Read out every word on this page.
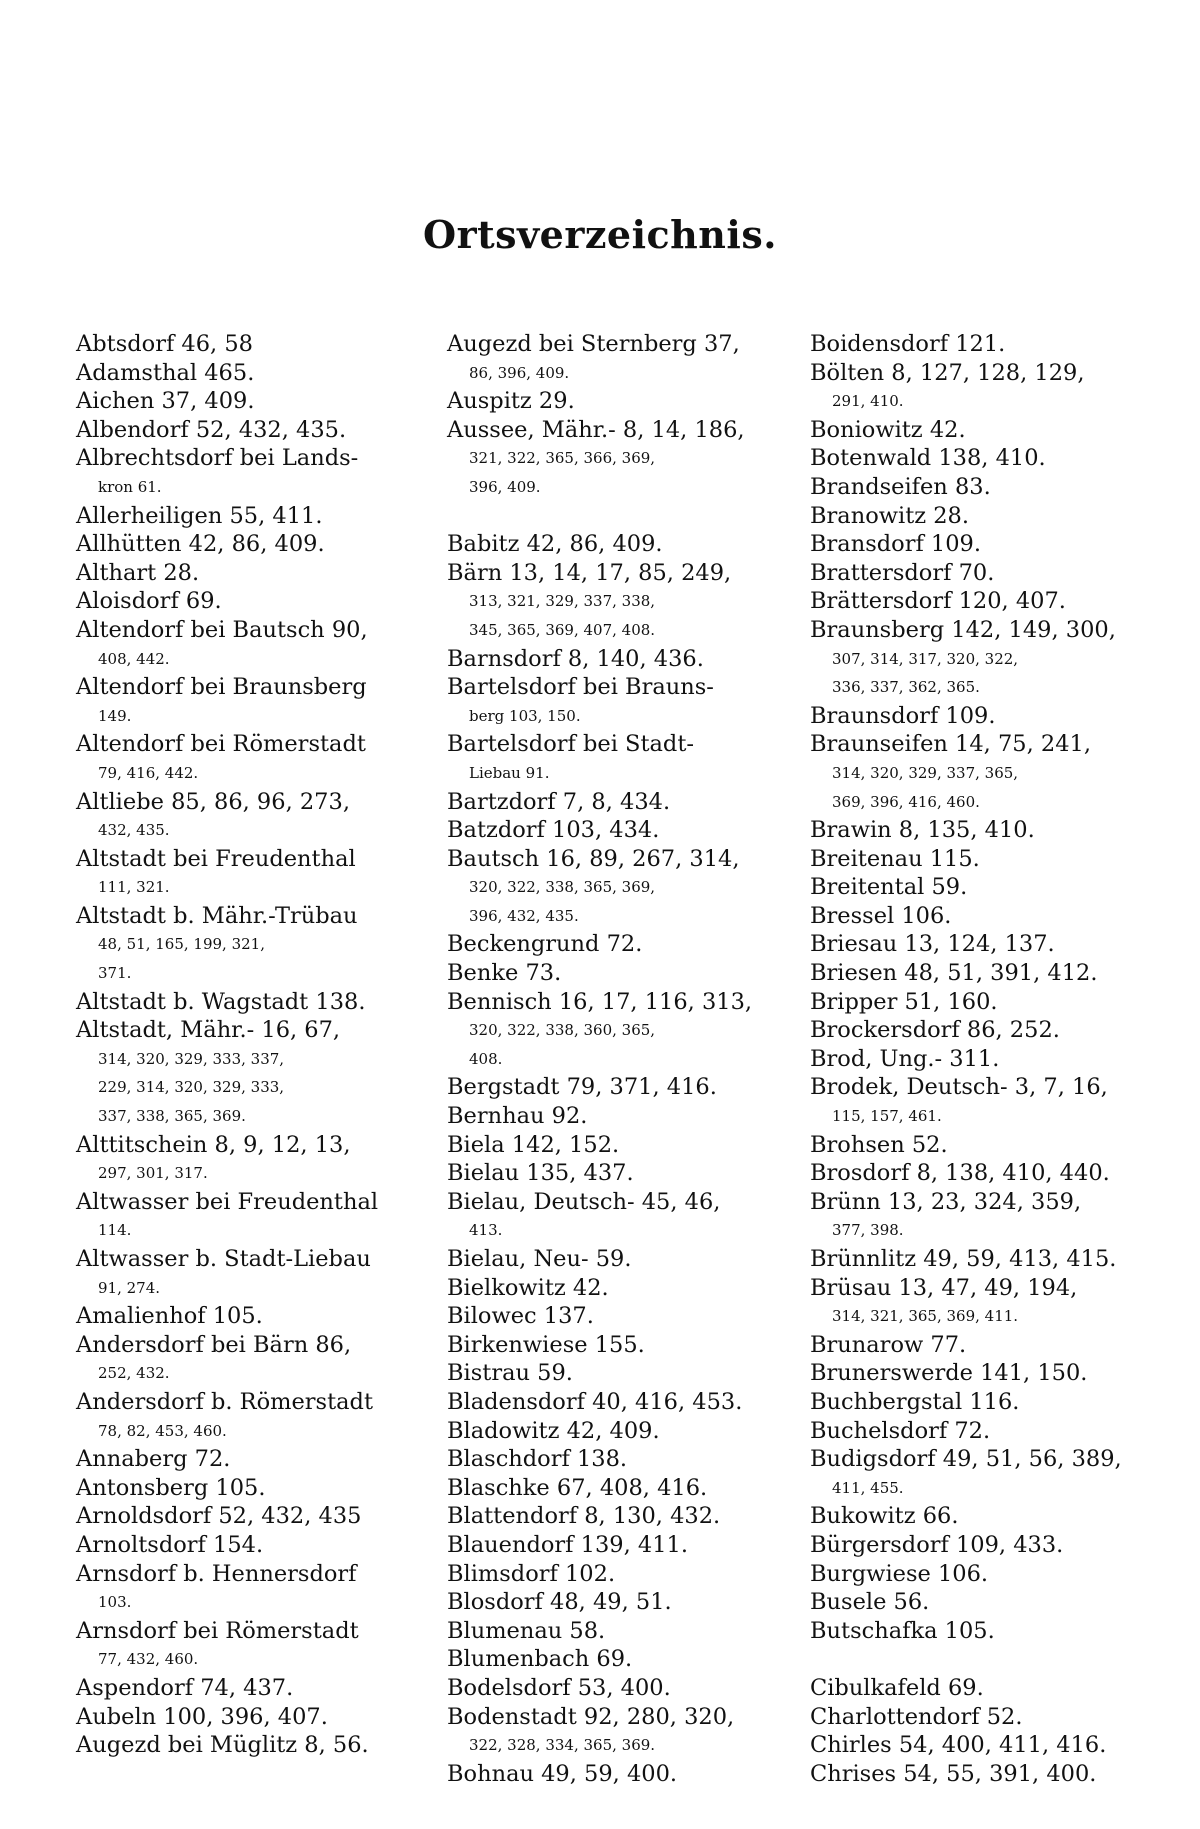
Ortsverzeichnis.
Abtsdorf 46, 58
Adamsthal 465.
Aichen 37, 409.
Albendorf 52, 432, 435.
Albrechtsdorf bei Lands-
kron 61.
Allerheiligen 55, 411.
Allhütten 42, 86, 409.
Althart 28.
Aloisdorf 69.
Altendorf bei Bautsch 90,
408, 442.
Altendorf bei Braunsberg
149.
Altendorf bei Römerstadt
79, 416, 442.
Altliebe 85, 86, 96, 273,
432, 435.
Altstadt bei Freudenthal
111, 321.
Altstadt b. Mähr.-Trübau
48, 51, 165, 199, 321,
371.
Altstadt b. Wagstadt 138.
Altstadt, Mähr.- 16, 67,
314, 320, 329, 333, 337,
229, 314, 320, 329, 333,
337, 338, 365, 369.
Alttitschein 8, 9, 12, 13,
297, 301, 317.
Altwasser bei Freudenthal
114.
Altwasser b. Stadt-Liebau
91, 274.
Amalienhof 105.
Andersdorf bei Bärn 86,
252, 432.
Andersdorf b. Römerstadt
78, 82, 453, 460.
Annaberg 72.
Antonsberg 105.
Arnoldsdorf 52, 432, 435
Arnoltsdorf 154.
Arnsdorf b. Hennersdorf
103.
Arnsdorf bei Römerstadt
77, 432, 460.
Aspendorf 74, 437.
Aubeln 100, 396, 407.
Augezd bei Müglitz 8, 56.
Augezd bei Sternberg 37,
86, 396, 409.
Auspitz 29.
Aussee, Mähr.- 8, 14, 186,
321, 322, 365, 366, 369,
396, 409.
Babitz 42, 86, 409.
Bärn 13, 14, 17, 85, 249,
313, 321, 329, 337, 338,
345, 365, 369, 407, 408.
Barnsdorf 8, 140, 436.
Bartelsdorf bei Brauns-
berg 103, 150.
Bartelsdorf bei Stadt-
Liebau 91.
Bartzdorf 7, 8, 434.
Batzdorf 103, 434.
Bautsch 16, 89, 267, 314,
320, 322, 338, 365, 369,
396, 432, 435.
Beckengrund 72.
Benke 73.
Bennisch 16, 17, 116, 313,
320, 322, 338, 360, 365,
408.
Bergstadt 79, 371, 416.
Bernhau 92.
Biela 142, 152.
Bielau 135, 437.
Bielau, Deutsch- 45, 46,
413.
Bielau, Neu- 59.
Bielkowitz 42.
Bilowec 137.
Birkenwiese 155.
Bistrau 59.
Bladensdorf 40, 416, 453.
Bladowitz 42, 409.
Blaschdorf 138.
Blaschke 67, 408, 416.
Blattendorf 8, 130, 432.
Blauendorf 139, 411.
Blimsdorf 102.
Blosdorf 48, 49, 51.
Blumenau 58.
Blumenbach 69.
Bodelsdorf 53, 400.
Bodenstadt 92, 280, 320,
322, 328, 334, 365, 369.
Bohnau 49, 59, 400.
Boidensdorf 121.
Bölten 8, 127, 128, 129,
291, 410.
Boniowitz 42.
Botenwald 138, 410.
Brandseifen 83.
Branowitz 28.
Bransdorf 109.
Brattersdorf 70.
Brättersdorf 120, 407.
Braunsberg 142, 149, 300,
307, 314, 317, 320, 322,
336, 337, 362, 365.
Braunsdorf 109.
Braunseifen 14, 75, 241,
314, 320, 329, 337, 365,
369, 396, 416, 460.
Brawin 8, 135, 410.
Breitenau 115.
Breitental 59.
Bressel 106.
Briesau 13, 124, 137.
Briesen 48, 51, 391, 412.
Bripper 51, 160.
Brockersdorf 86, 252.
Brod, Ung.- 311.
Brodek, Deutsch- 3, 7, 16,
115, 157, 461.
Brohsen 52.
Brosdorf 8, 138, 410, 440.
Brünn 13, 23, 324, 359,
377, 398.
Brünnlitz 49, 59, 413, 415.
Brüsau 13, 47, 49, 194,
314, 321, 365, 369, 411.
Brunarow 77.
Brunerswerde 141, 150.
Buchbergstal 116.
Buchelsdorf 72.
Budigsdorf 49, 51, 56, 389,
411, 455.
Bukowitz 66.
Bürgersdorf 109, 433.
Burgwiese 106.
Busele 56.
Butschafka 105.
Cibulkafeld 69.
Charlottendorf 52.
Chirles 54, 400, 411, 416.
Chrises 54, 55, 391, 400.
